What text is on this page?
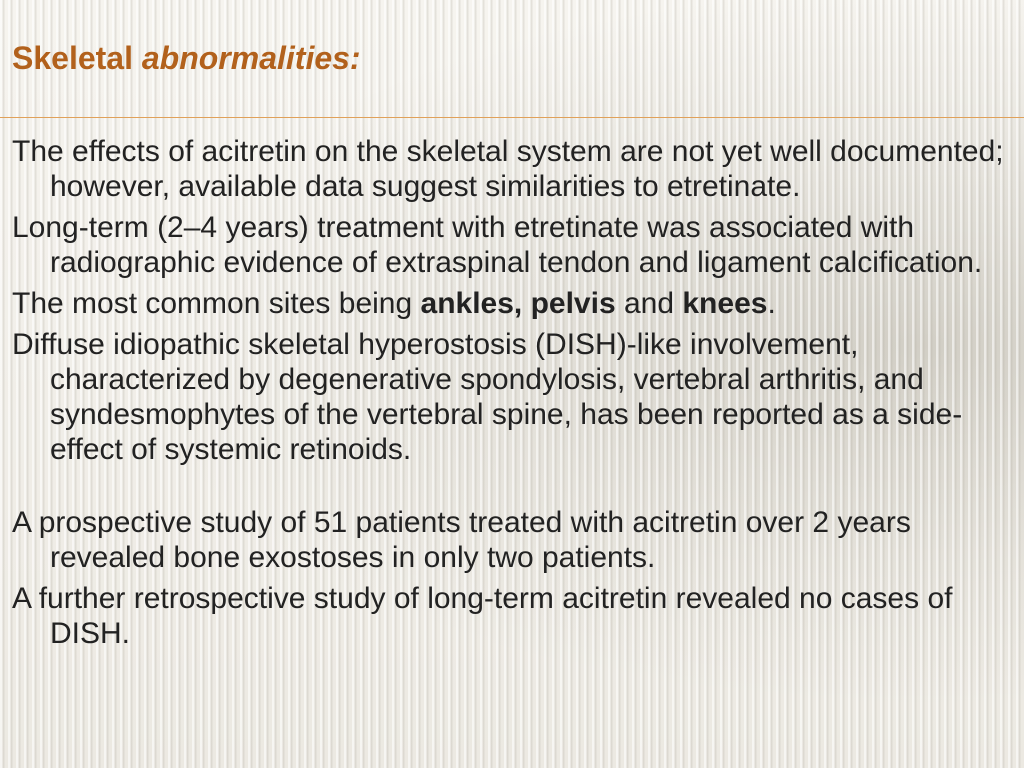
Skeletal abnormalities:

The effects of acitretin on the skeletal system are not yet well documented; however, available data suggest similarities to etretinate.

Long-term (2–4 years) treatment with etretinate was associated with radiographic evidence of extraspinal tendon and ligament calcification.

The most common sites being ankles, pelvis and knees.

Diffuse idiopathic skeletal hyperostosis (DISH)-like involvement, characterized by degenerative spondylosis, vertebral arthritis, and syndesmophytes of the vertebral spine, has been reported as a side-effect of systemic retinoids.

A prospective study of 51 patients treated with acitretin over 2 years revealed bone exostoses in only two patients.

A further retrospective study of long-term acitretin revealed no cases of DISH.
